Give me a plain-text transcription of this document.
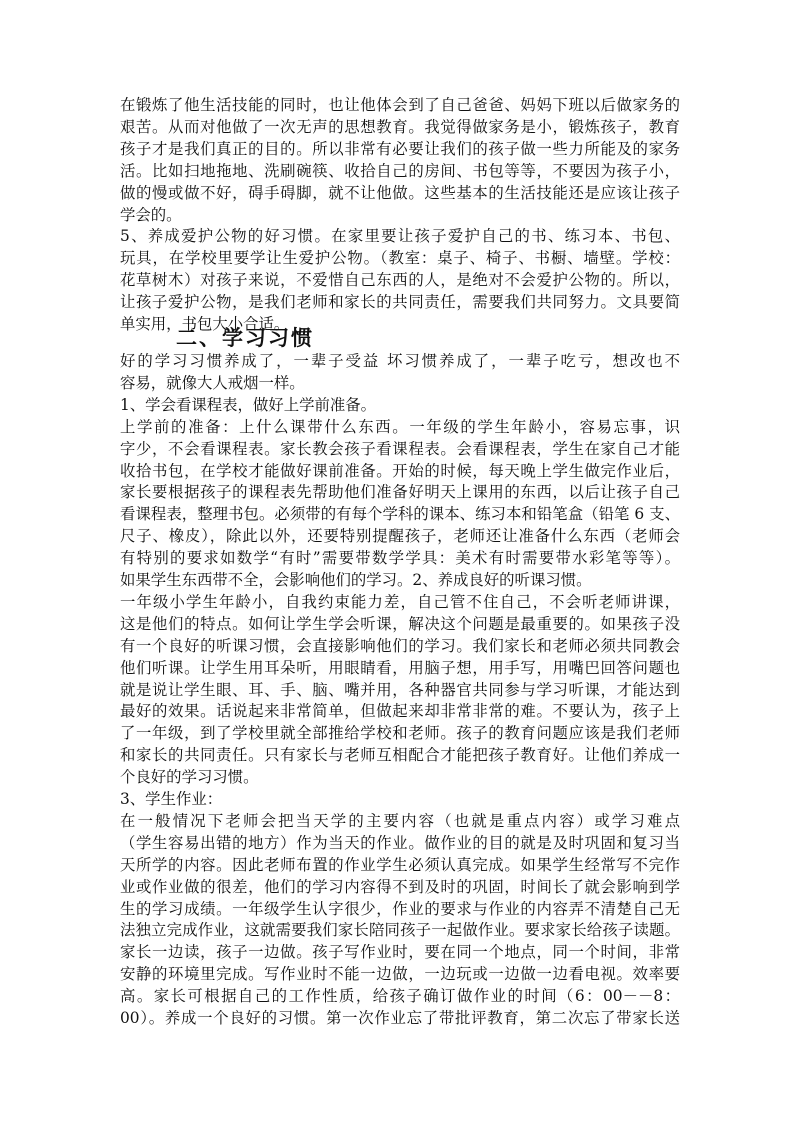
在锻炼了他生活技能的同时，也让他体会到了自己爸爸、妈妈下班以后做家务的
艰苦。从而对他做了一次无声的思想教育。我觉得做家务是小，锻炼孩子，教育
孩子才是我们真正的目的。所以非常有必要让我们的孩子做一些力所能及的家务
活。比如扫地拖地、洗刷碗筷、收拾自己的房间、书包等等，不要因为孩子小，
做的慢或做不好，碍手碍脚，就不让他做。这些基本的生活技能还是应该让孩子
学会的。
5、养成爱护公物的好习惯。在家里要让孩子爱护自己的书、练习本、书包、
玩具，在学校里要学让生爱护公物。（教室：桌子、椅子、书橱、墙壁。学校：
花草树木）对孩子来说，不爱惜自己东西的人，是绝对不会爱护公物的。所以，
让孩子爱护公物，是我们老师和家长的共同责任，需要我们共同努力。文具要简
单实用，书包大小合适。
二、学习习惯
好的学习习惯养成了，一辈子受益 坏习惯养成了，一辈子吃亏，想改也不
容易，就像大人戒烟一样。
1、学会看课程表，做好上学前准备。
上学前的准备：上什么课带什么东西。一年级的学生年龄小，容易忘事，识
字少，不会看课程表。家长教会孩子看课程表。会看课程表，学生在家自己才能
收拾书包，在学校才能做好课前准备。开始的时候，每天晚上学生做完作业后，
家长要根据孩子的课程表先帮助他们准备好明天上课用的东西，以后让孩子自己
看课程表，整理书包。必须带的有每个学科的课本、练习本和铅笔盒（铅笔 6 支、
尺子、橡皮），除此以外，还要特别提醒孩子，老师还让准备什么东西（老师会
有特别的要求如数学“有时”需要带数学学具：美术有时需要带水彩笔等等）。
如果学生东西带不全，会影响他们的学习。2、养成良好的听课习惯。
一年级小学生年龄小，自我约束能力差，自己管不住自己，不会听老师讲课，
这是他们的特点。如何让学生学会听课，解决这个问题是最重要的。如果孩子没
有一个良好的听课习惯，会直接影响他们的学习。我们家长和老师必须共同教会
他们听课。让学生用耳朵听，用眼睛看，用脑子想，用手写，用嘴巴回答问题也
就是说让学生眼、耳、手、脑、嘴并用，各种器官共同参与学习听课，才能达到
最好的效果。话说起来非常简单，但做起来却非常非常的难。不要认为，孩子上
了一年级，到了学校里就全部推给学校和老师。孩子的教育问题应该是我们老师
和家长的共同责任。只有家长与老师互相配合才能把孩子教育好。让他们养成一
个良好的学习习惯。
3、学生作业：
在一般情况下老师会把当天学的主要内容（也就是重点内容）或学习难点
（学生容易出错的地方）作为当天的作业。做作业的目的就是及时巩固和复习当
天所学的内容。因此老师布置的作业学生必须认真完成。如果学生经常写不完作
业或作业做的很差，他们的学习内容得不到及时的巩固，时间长了就会影响到学
生的学习成绩。一年级学生认字很少，作业的要求与作业的内容弄不清楚自己无
法独立完成作业，这就需要我们家长陪同孩子一起做作业。要求家长给孩子读题。
家长一边读，孩子一边做。孩子写作业时，要在同一个地点，同一个时间，非常
安静的环境里完成。写作业时不能一边做，一边玩或一边做一边看电视。效率要
高。家长可根据自己的工作性质，给孩子确订做作业的时间（6：00－－8：
00）。养成一个良好的习惯。第一次作业忘了带批评教育，第二次忘了带家长送
